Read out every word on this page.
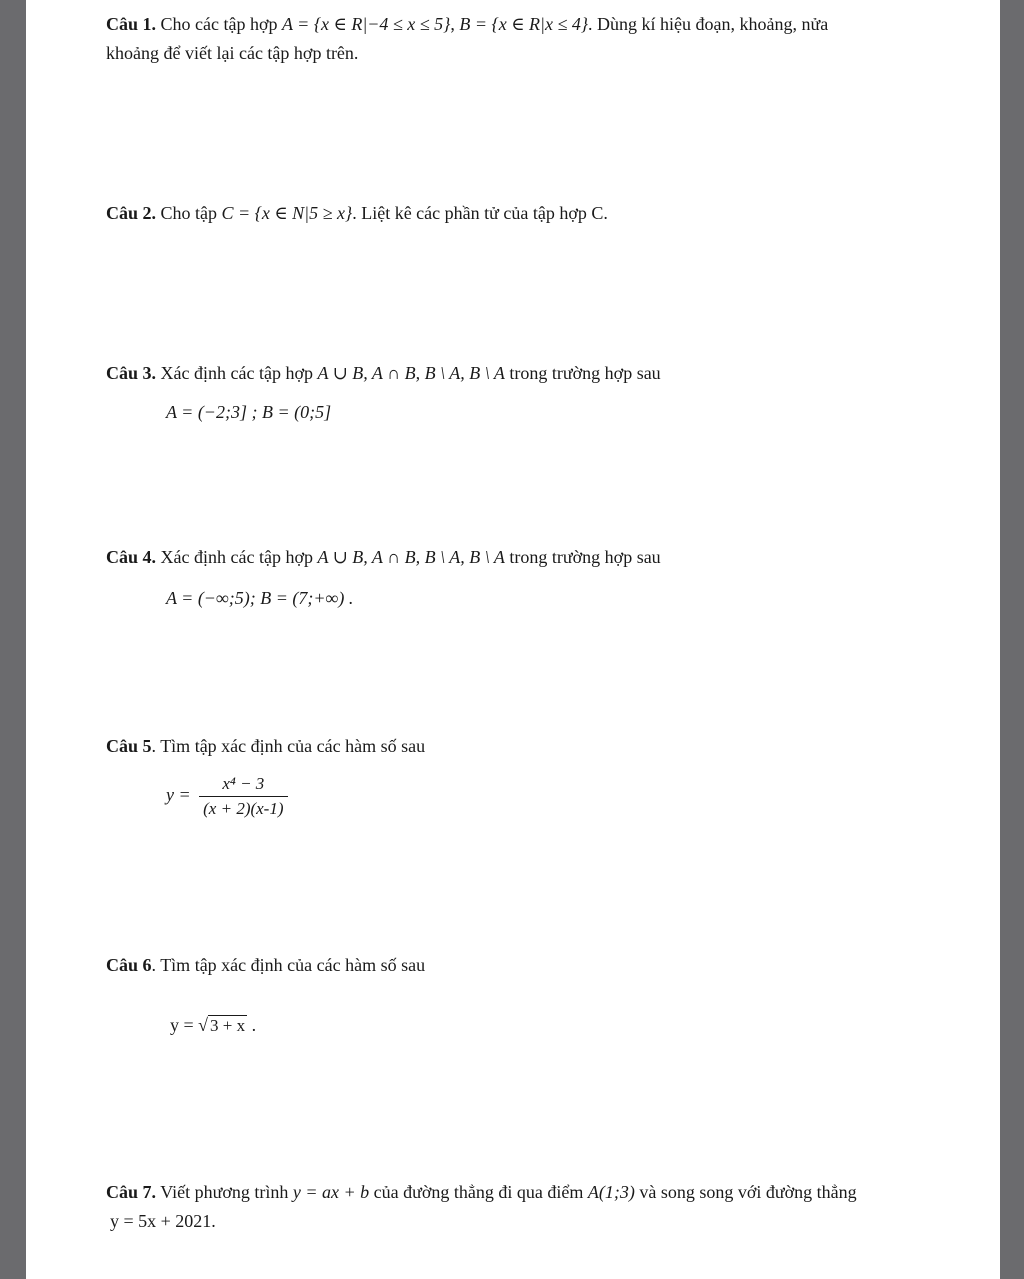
Câu 1. Cho các tập hợp A = {x ∈ R|−4 ≤ x ≤ 5}, B = {x ∈ R|x ≤ 4}. Dùng kí hiệu đoạn, khoảng, nửa
khoảng để viết lại các tập hợp trên.
Câu 2. Cho tập C = {x ∈ N|5 ≥ x}. Liệt kê các phần tử của tập hợp C.
Câu 3. Xác định các tập hợp A ∪ B, A ∩ B, B \ A, B \ A trong trường hợp sau
A = (−2;3] ; B = (0;5]
Câu 4. Xác định các tập hợp A ∪ B, A ∩ B, B \ A, B \ A trong trường hợp sau
A = (−∞;5); B = (7;+∞) .
Câu 5. Tìm tập xác định của các hàm số sau
$y = \frac{\text{x⁴ − 3}}{(x + 2)(x-1)}$
Câu 6. Tìm tập xác định của các hàm số sau
y = √ 3 + x .
Câu 7. Viết phương trình y = ax + b của đường thẳng đi qua điểm A(1;3) và song song với đường thẳng
y = 5x + 2021.
